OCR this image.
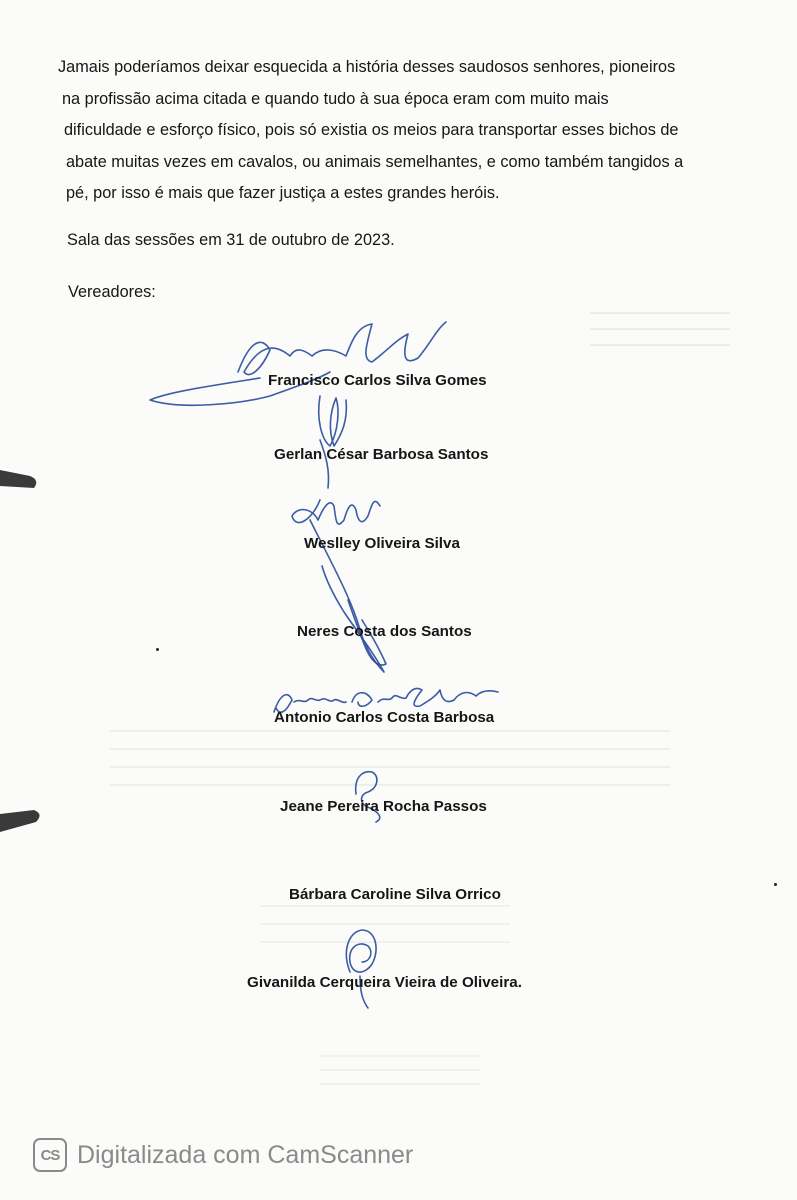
Jamais poderíamos deixar esquecida a história desses saudosos senhores, pioneiros
na profissão acima citada e quando tudo à sua época eram com muito mais
dificuldade e esforço físico, pois só existia os meios para transportar esses bichos de
abate muitas vezes em cavalos, ou animais semelhantes, e como também tangidos a
pé, por isso é mais que fazer justiça a estes grandes heróis.

Sala das sessões em 31 de outubro de 2023.

Vereadores:

Francisco Carlos Silva Gomes

Gerlan César Barbosa Santos

Weslley Oliveira Silva

Neres Costa dos Santos

Antonio Carlos Costa Barbosa

Jeane Pereira Rocha Passos

Bárbara Caroline Silva Orrico

Givanilda Cerqueira Vieira de Oliveira.

CS Digitalizada com CamScanner
